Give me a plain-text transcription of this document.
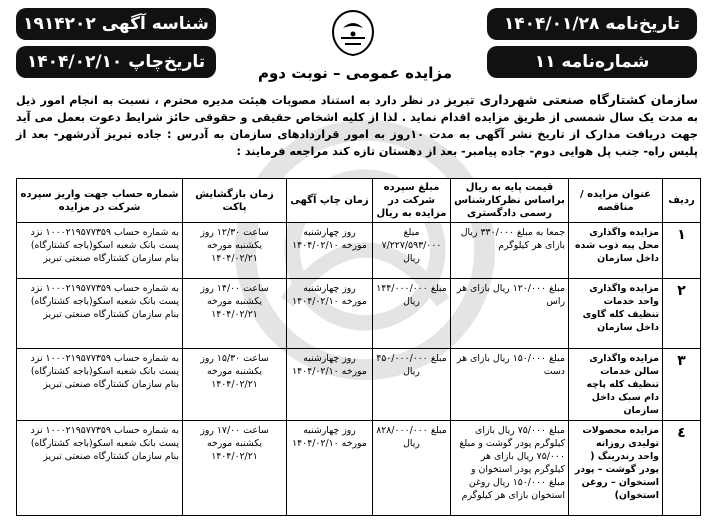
شناسه آگهی ۱۹۱۴۲۰۲
تاریخ‌چاپ ۱۴۰۴/۰۲/۱۰
تاریخ‌نامه ۱۴۰۴/۰۱/۲۸
شماره‌نامه ۱۱
مزایده عمومی – نوبت دوم
سازمان کشتارگاه صنعتی شهرداری تبریز در نظر دارد به استناد مصوبات هیئت مدیره محترم ، نسبت به انجام امور ذیل به مدت یک سال شمسی از طریق مزایده اقدام نماید . لذا از کلیه اشخاص حقیقی و حقوقی حائز شرایط دعوت بعمل می آید جهت دریافت مدارک از تاریخ نشر آگهی به مدت ۱۰روز به امور قراردادهای سازمان به آدرس : جاده تبریز آذرشهر- بعد از پلیس راه- جنب پل هوایی دوم- جاده پیامبر- بعد از دهستان تازه کند مراجعه فرمایند :
ردیف	عنوان مزایده / مناقصه	قیمت پایه به ریال براساس نظرکارشناس رسمی دادگستری	مبلغ سپرده شرکت در مزایده به ریال	زمان چاپ آگهی	زمان بازگشایش پاکت	شماره حساب جهت واریز سپرده شرکت در مزایده
۱	مزایده واگذاری محل پیه ذوب شده داخل سازمان	جمعا به مبلغ ۳۳۰/۰۰۰ ریال بازای هر کیلوگرم	مبلغ ۷/۲۲۷/۵۹۳/۰۰۰ ریال	روز چهارشنبه مورخه ۱۴۰۴/۰۲/۱۰	ساعت ۱۲/۳۰ روز یکشنبه مورخه ۱۴۰۴/۰۲/۲۱	به شماره حساب ۱۰۰۰۲۱۹۵۷۷۳۵۹ نزد پست بانک شعبه اسکو(باجه کشتارگاه) بنام سازمان کشتارگاه صنعتی تبریز
۲	مزایده واگذاری واحد خدمات تنظیف کله گاوی داخل سازمان	مبلغ ۱۲۰/۰۰۰ ریال بازای هر راس	مبلغ ۱۴۴/۰۰۰/۰۰۰ ریال	روز چهارشنبه مورخه ۱۴۰۴/۰۲/۱۰	ساعت ۱۴/۰۰ روز یکشنبه مورخه ۱۴۰۴/۰۲/۲۱	به شماره حساب ۱۰۰۰۲۱۹۵۷۷۳۵۹ نزد پست بانک شعبه اسکو(باجه کشتارگاه) بنام سازمان کشتارگاه صنعتی تبریز
۳	مزایده واگذاری سالن خدمات تنظیف کله پاچه دام سبک داخل سازمان	مبلغ ۱۵۰/۰۰۰ ریال بازای هر دست	مبلغ ۴۵۰/۰۰۰/۰۰۰ ریال	روز چهارشنبه مورخه ۱۴۰۴/۰۲/۱۰	ساعت ۱۵/۳۰ روز یکشنبه مورخه ۱۴۰۴/۰۲/۲۱	به شماره حساب ۱۰۰۰۲۱۹۵۷۷۳۵۹ نزد پست بانک شعبه اسکو(باجه کشتارگاه) بنام سازمان کشتارگاه صنعتی تبریز
٤	مزایده محصولات تولیدی روزانه واحد رندرینگ ( پودر گوشت – پودر استخوان – روغن استخوان)	مبلغ ۷۵/۰۰۰ ریال بازای کیلوگرم پودر گوشت و مبلغ ۷۵/۰۰۰ ریال بازای هر کیلوگرم پودر استخوان و مبلغ ۱۵۰/۰۰۰ ریال روغن استخوان بازای هر کیلوگرم	مبلغ ۸۲۸/۰۰۰/۰۰۰ ریال	روز چهارشنبه مورخه ۱۴۰۴/۰۲/۱۰	ساعت ۱۷/۰۰ روز یکشنبه مورخه ۱۴۰۴/۰۲/۲۱	به شماره حساب ۱۰۰۰۲۱۹۵۷۷۳۵۹ نزد پست بانک شعبه اسکو(باجه کشتارگاه) بنام سازمان کشتارگاه صنعتی تبریز
